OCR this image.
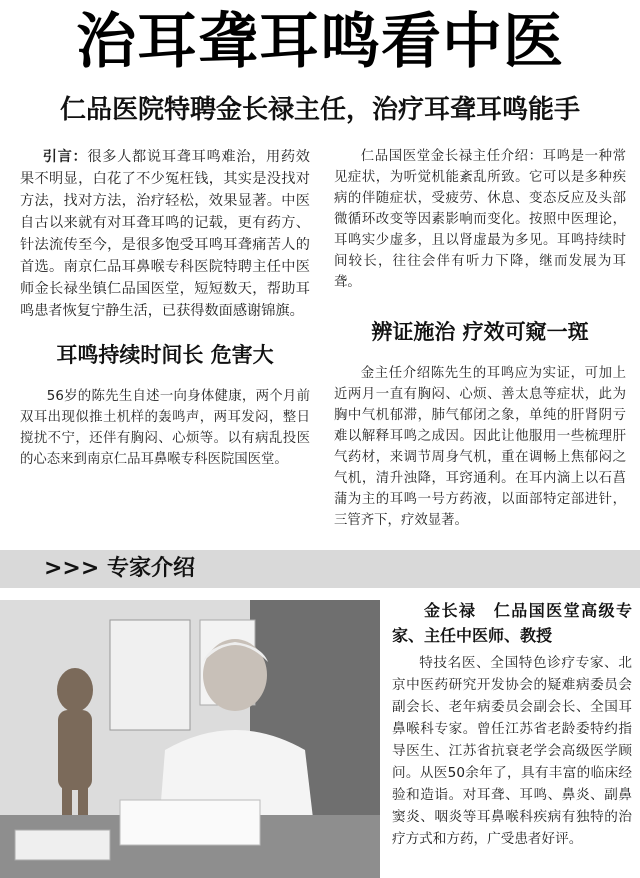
治耳聋耳鸣看中医
仁品医院特聘金长禄主任，治疗耳聋耳鸣能手

引言：很多人都说耳聋耳鸣难治，用药效果不明显，白花了不少冤枉钱，其实是没找对方法，找对方法，治疗轻松，效果显著。中医自古以来就有对耳聋耳鸣的记载，更有药方、针法流传至今，是很多饱受耳鸣耳聋痛苦人的首选。南京仁品耳鼻喉专科医院特聘主任中医师金长禄坐镇仁品国医堂，短短数天，帮助耳鸣患者恢复宁静生活，已获得数面感谢锦旗。

耳鸣持续时间长 危害大

56岁的陈先生自述一向身体健康，两个月前双耳出现似推土机样的轰鸣声，两耳发闷，整日搅扰不宁，还伴有胸闷、心烦等。以有病乱投医的心态来到南京仁品耳鼻喉专科医院国医堂。

仁品国医堂金长禄主任介绍：耳鸣是一种常见症状，为听觉机能紊乱所致。它可以是多种疾病的伴随症状，受疲劳、休息、变态反应及头部微循环改变等因素影响而变化。按照中医理论，耳鸣实少虚多，且以肾虚最为多见。耳鸣持续时间较长，往往会伴有听力下降，继而发展为耳聋。

辨证施治 疗效可窥一斑

金主任介绍陈先生的耳鸣应为实证，可加上近两月一直有胸闷、心烦、善太息等症状，此为胸中气机郁滞，肺气郁闭之象，单纯的肝肾阴亏难以解释耳鸣之成因。因此让他服用一些梳理肝气药材，来调节周身气机，重在调畅上焦郁闷之气机，清升浊降，耳窍通利。在耳内滴上以石菖蒲为主的耳鸣一号方药液，以面部特定部进针，三管齐下，疗效显著。

>>> 专家介绍

金长禄　仁品国医堂高级专家、主任中医师、教授

特技名医、全国特色诊疗专家、北京中医药研究开发协会的疑难病委员会副会长、老年病委员会副会长、全国耳鼻喉科专家。曾任江苏省老龄委特约指导医生、江苏省抗衰老学会高级医学顾问。从医50余年了，具有丰富的临床经验和造诣。对耳聋、耳鸣、鼻炎、副鼻窦炎、咽炎等耳鼻喉科疾病有独特的治疗方式和方药，广受患者好评。
